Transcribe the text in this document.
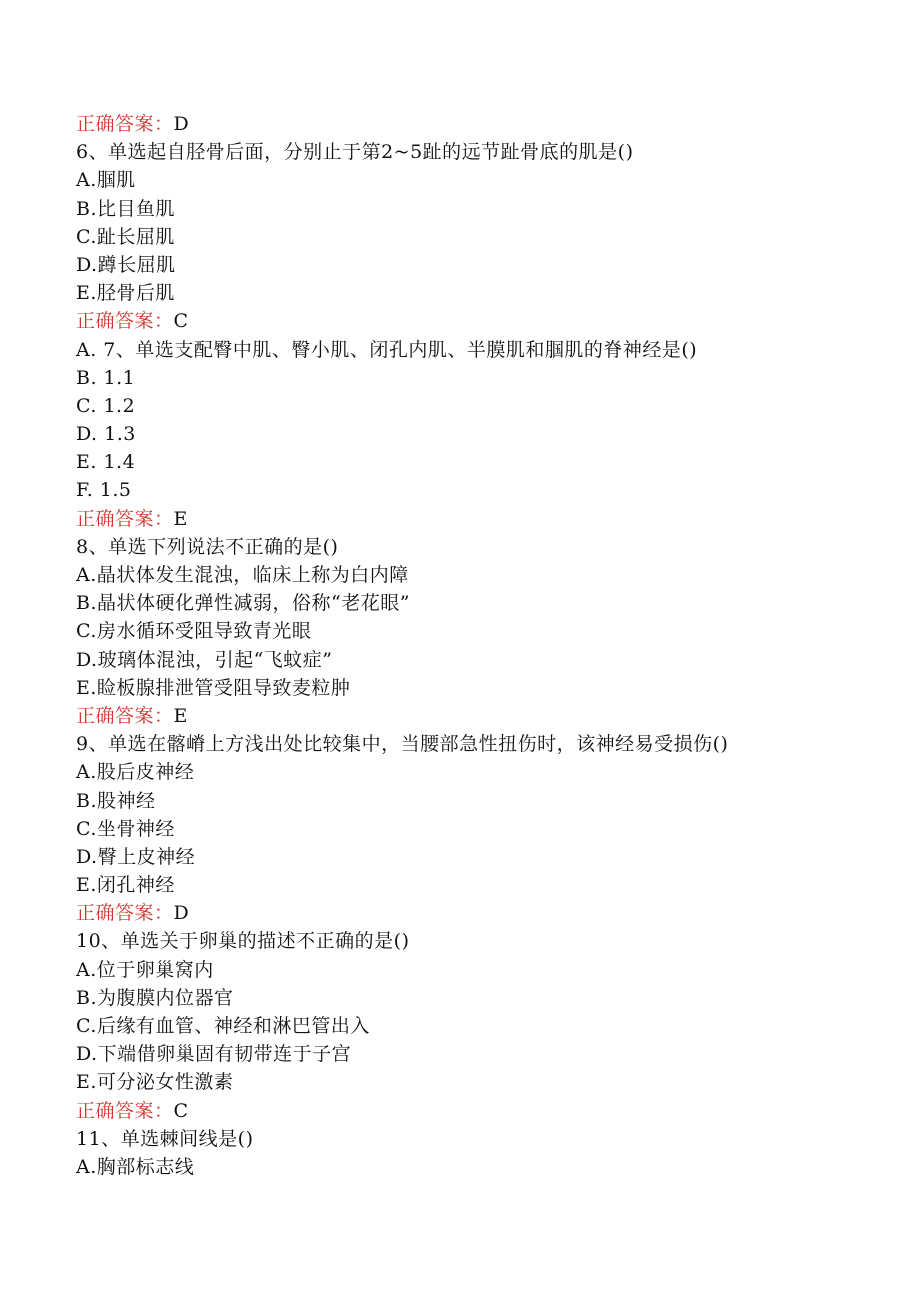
正确答案：D
6、单选起自胫骨后面，分别止于第2~5趾的远节趾骨底的肌是()
A.腘肌
B.比目鱼肌
C.趾长屈肌
D.蹲长屈肌
E.胫骨后肌
正确答案：C
A. 7、单选支配臀中肌、臀小肌、闭孔内肌、半膜肌和腘肌的脊神经是()
B. 1.1
C. 1.2
D. 1.3
E. 1.4
F. 1.5
正确答案：E
8、单选下列说法不正确的是()
A.晶状体发生混浊，临床上称为白内障
B.晶状体硬化弹性减弱，俗称“老花眼”
C.房水循环受阻导致青光眼
D.玻璃体混浊，引起“飞蚊症”
E.睑板腺排泄管受阻导致麦粒肿
正确答案：E
9、单选在髂嵴上方浅出处比较集中，当腰部急性扭伤时，该神经易受损伤()
A.股后皮神经
B.股神经
C.坐骨神经
D.臀上皮神经
E.闭孔神经
正确答案：D
10、单选关于卵巢的描述不正确的是()
A.位于卵巢窝内
B.为腹膜内位器官
C.后缘有血管、神经和淋巴管出入
D.下端借卵巢固有韧带连于子宫
E.可分泌女性激素
正确答案：C
11、单选棘间线是()
A.胸部标志线
